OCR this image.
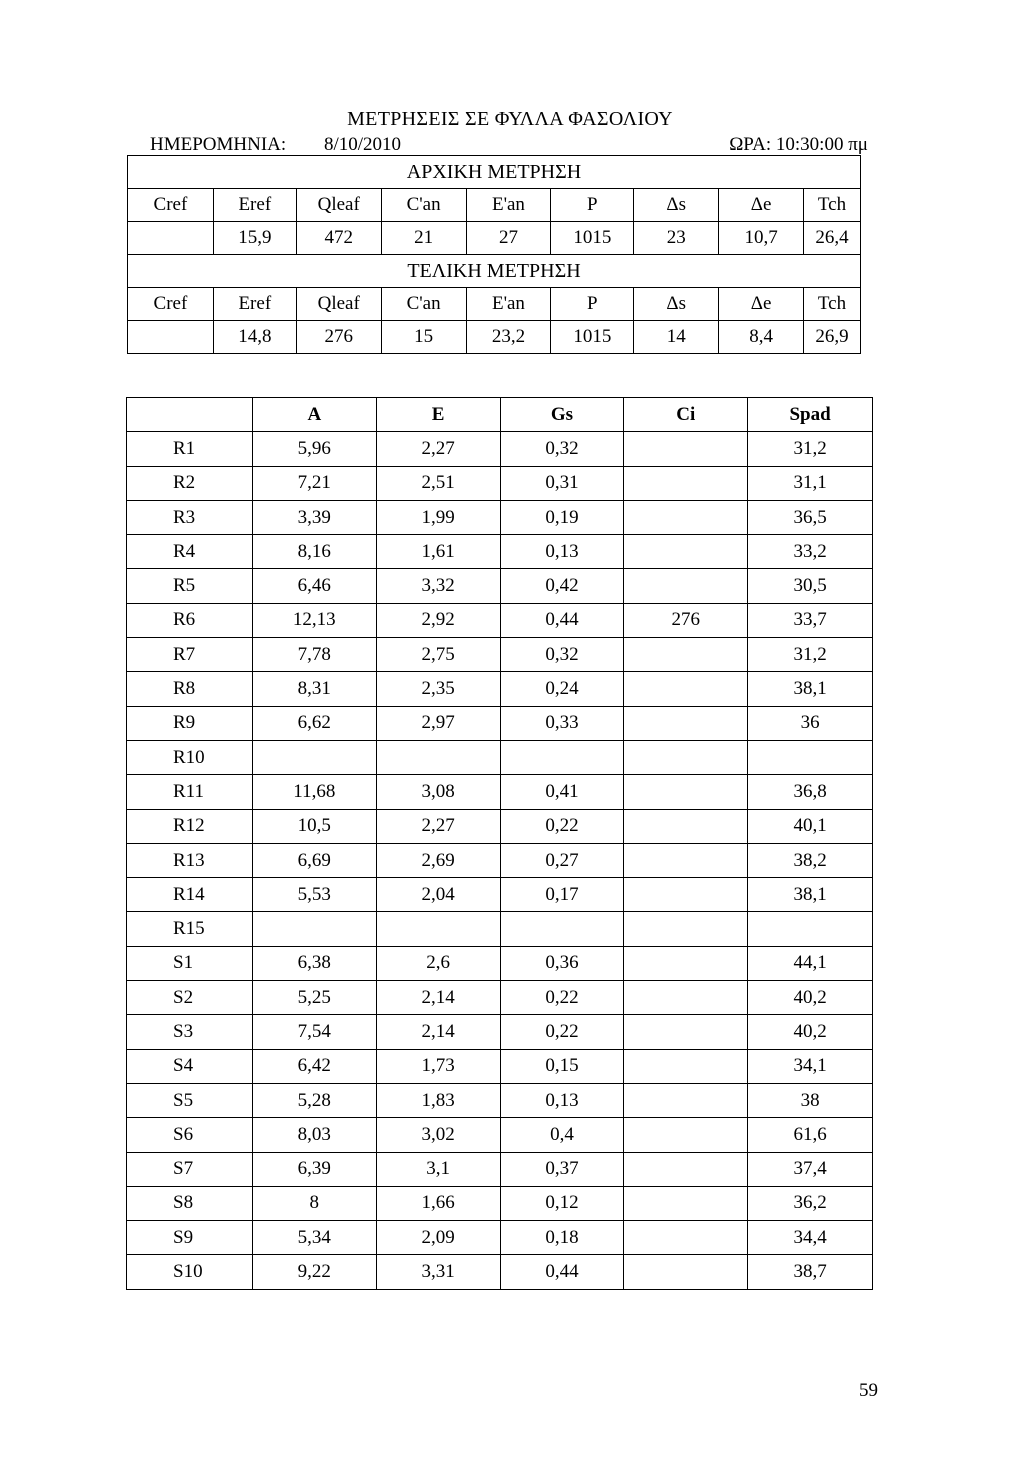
ΜΕΤΡΗΣΕΙΣ ΣΕ ΦΥΛΛΑ ΦΑΣΟΛΙΟΥ
ΗΜΕΡΟΜΗΝΙΑ: 8/10/2010	ΩΡΑ: 10:30:00 πμ
ΑΡΧΙΚΗ ΜΕΤΡΗΣΗ								
Cref	Eref	Qleaf	C'an	E'an	P	Δs	Δe	Tch
	15,9	472	21	27	1015	23	10,7	26,4
ΤΕΛΙΚΗ ΜΕΤΡΗΣΗ								
Cref	Eref	Qleaf	C'an	E'an	P	Δs	Δe	Tch
	14,8	276	15	23,2	1015	14	8,4	26,9
	A	E	Gs	Ci	Spad
R1	5,96	2,27	0,32		31,2
R2	7,21	2,51	0,31		31,1
R3	3,39	1,99	0,19		36,5
R4	8,16	1,61	0,13		33,2
R5	6,46	3,32	0,42		30,5
R6	12,13	2,92	0,44	276	33,7
R7	7,78	2,75	0,32		31,2
R8	8,31	2,35	0,24		38,1
R9	6,62	2,97	0,33		36
R10					
R11	11,68	3,08	0,41		36,8
R12	10,5	2,27	0,22		40,1
R13	6,69	2,69	0,27		38,2
R14	5,53	2,04	0,17		38,1
R15					
S1	6,38	2,6	0,36		44,1
S2	5,25	2,14	0,22		40,2
S3	7,54	2,14	0,22		40,2
S4	6,42	1,73	0,15		34,1
S5	5,28	1,83	0,13		38
S6	8,03	3,02	0,4		61,6
S7	6,39	3,1	0,37		37,4
S8	8	1,66	0,12		36,2
S9	5,34	2,09	0,18		34,4
S10	9,22	3,31	0,44		38,7
59
